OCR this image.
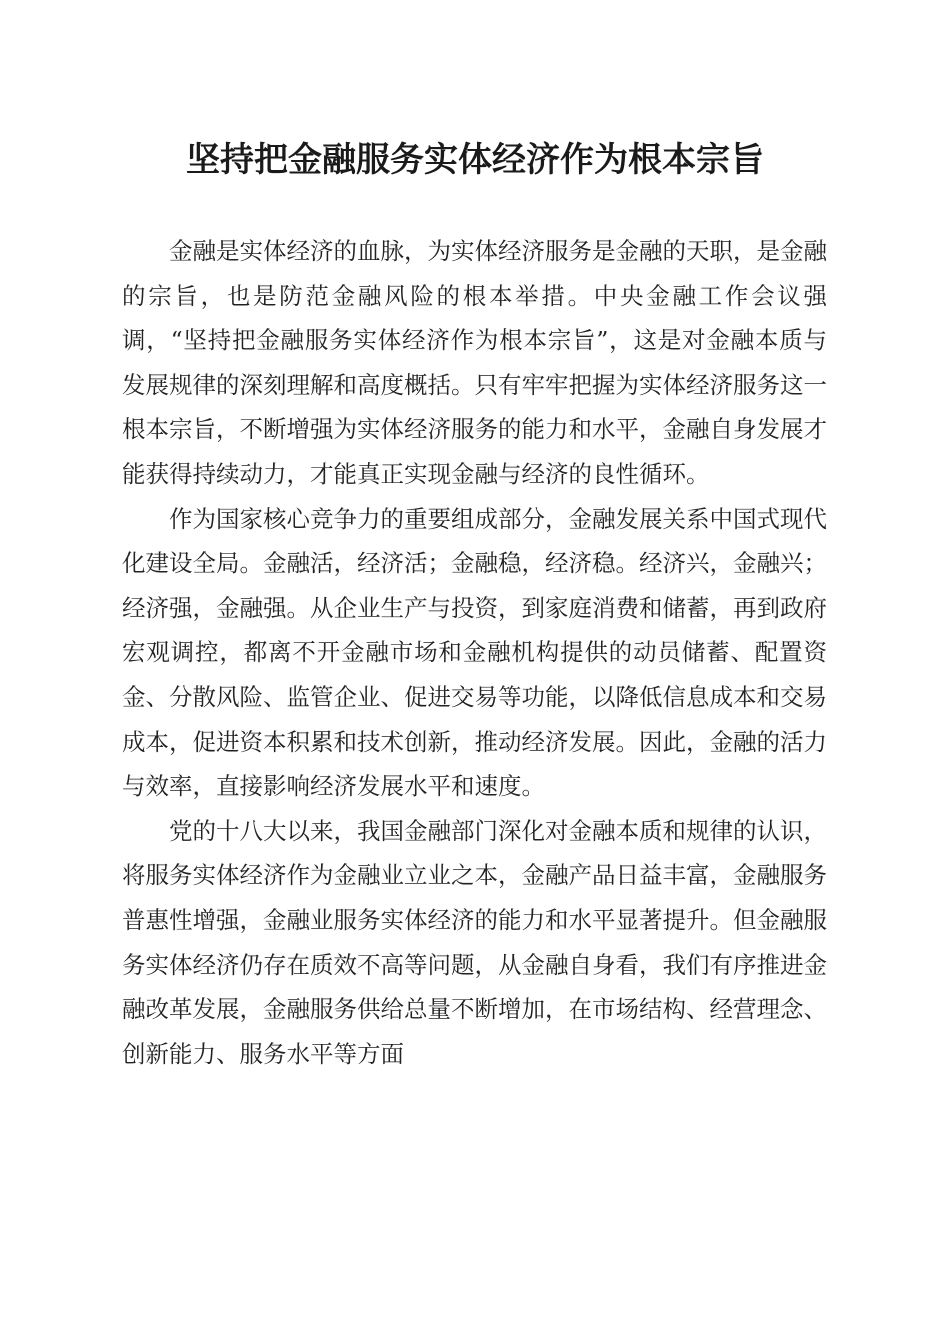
坚持把金融服务实体经济作为根本宗旨

金融是实体经济的血脉，为实体经济服务是金融的天职，是金融的宗旨，也是防范金融风险的根本举措。中央金融工作会议强调，“坚持把金融服务实体经济作为根本宗旨”，这是对金融本质与发展规律的深刻理解和高度概括。只有牢牢把握为实体经济服务这一根本宗旨，不断增强为实体经济服务的能力和水平，金融自身发展才能获得持续动力，才能真正实现金融与经济的良性循环。

作为国家核心竞争力的重要组成部分，金融发展关系中国式现代化建设全局。金融活，经济活；金融稳，经济稳。经济兴，金融兴；经济强，金融强。从企业生产与投资，到家庭消费和储蓄，再到政府宏观调控，都离不开金融市场和金融机构提供的动员储蓄、配置资金、分散风险、监管企业、促进交易等功能，以降低信息成本和交易成本，促进资本积累和技术创新，推动经济发展。因此，金融的活力与效率，直接影响经济发展水平和速度。

党的十八大以来，我国金融部门深化对金融本质和规律的认识，将服务实体经济作为金融业立业之本，金融产品日益丰富，金融服务普惠性增强，金融业服务实体经济的能力和水平显著提升。但金融服务实体经济仍存在质效不高等问题，从金融自身看，我们有序推进金融改革发展，金融服务供给总量不断增加，在市场结构、经营理念、创新能力、服务水平等方面
